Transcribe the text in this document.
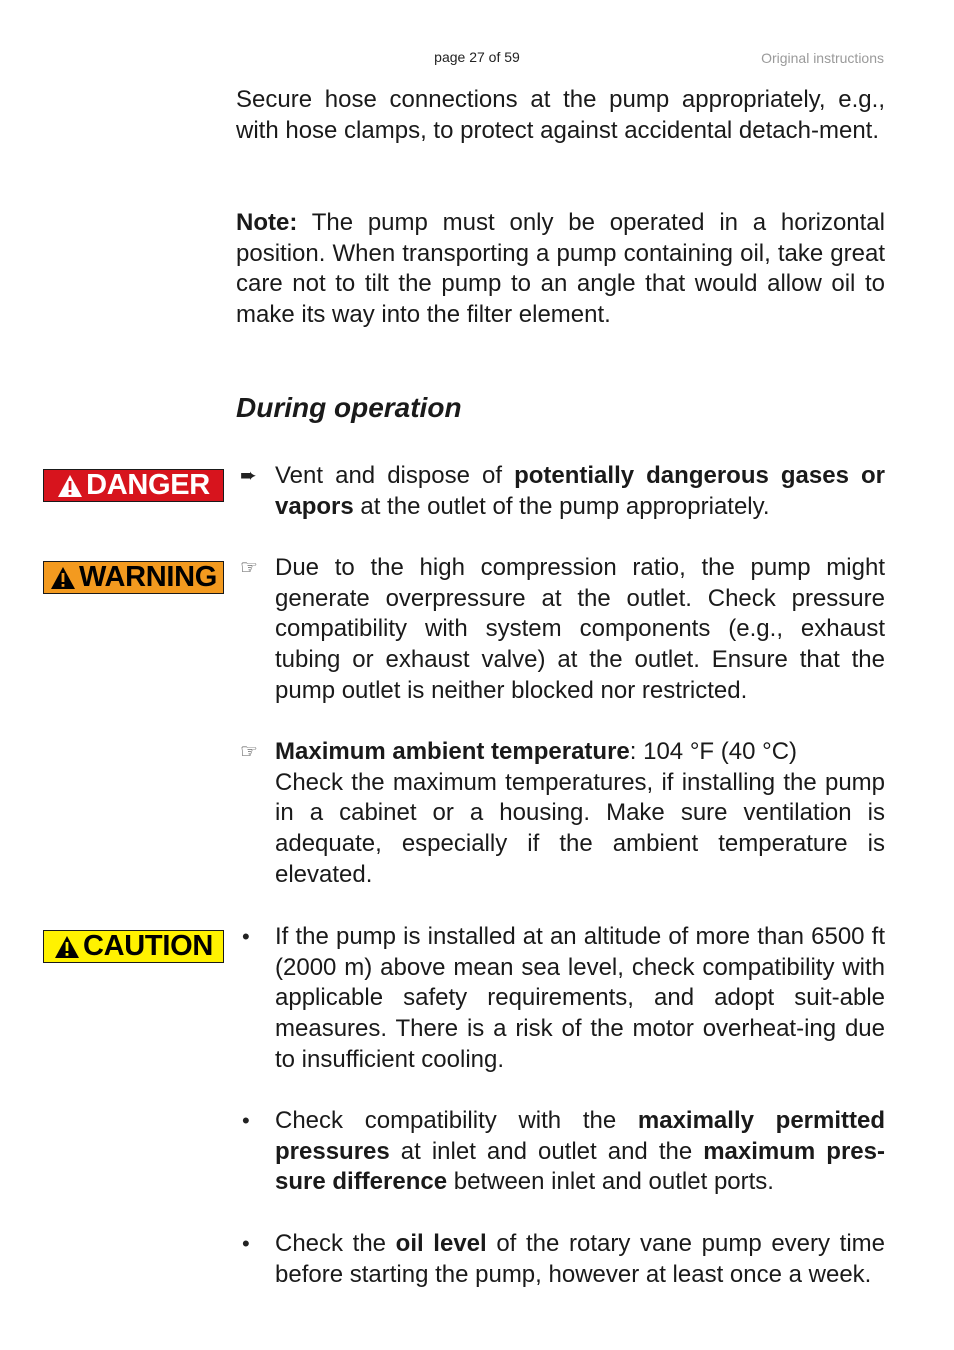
page 27 of 59	Original instructions

Secure hose connections at the pump appropriately, e.g., with hose clamps, to protect against accidental detach-ment.

Note: The pump must only be operated in a horizontal position. When transporting a pump containing oil, take great care not to tilt the pump to an angle that would allow oil to make its way into the filter element.

During operation
DANGER
WARNING
CAUTION
➨ Vent and dispose of potentially dangerous gases or vapors at the outlet of the pump appropriately.
☞ Due to the high compression ratio, the pump might generate overpressure at the outlet. Check pressure compatibility with system components (e.g., exhaust tubing or exhaust valve) at the outlet. Ensure that the pump outlet is neither blocked nor restricted.
☞ Maximum ambient temperature: 104 °F (40 °C)
Check the maximum temperatures, if installing the pump in a cabinet or a housing. Make sure ventilation is adequate, especially if the ambient temperature is elevated.
•	If the pump is installed at an altitude of more than 6500 ft (2000 m) above mean sea level, check compatibility with applicable safety requirements, and adopt suit-able measures. There is a risk of the motor overheat-ing due to insufficient cooling.
•	Check compatibility with the maximally permitted pressures at inlet and outlet and the maximum pres-sure difference between inlet and outlet ports.
•	Check the oil level of the rotary vane pump every time before starting the pump, however at least once a week.
